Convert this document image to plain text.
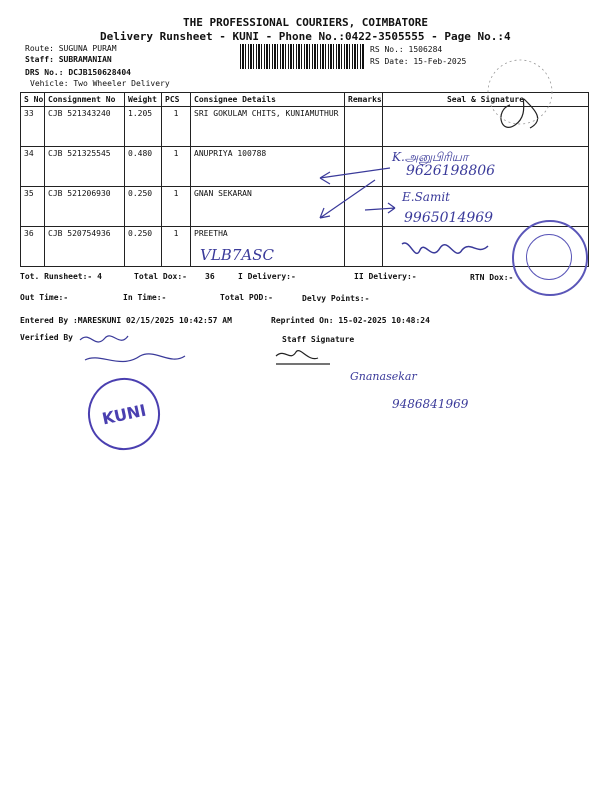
THE PROFESSIONAL COURIERS, COIMBATORE
Delivery Runsheet - KUNI - Phone No.:0422-3505555 - Page No.:4
Route: SUGUNA PURAM
Staff: SUBRAMANIAN
DRS No.: DCJB150628404
Vehicle: Two Wheeler Delivery
RS No.: 1506284
RS Date: 15-Feb-2025
S No	Consignment No	Weight	PCS	Consignee Details	Remarks	Seal & Signature
33	CJB 521343240	1.205	1	SRI GOKULAM CHITS, KUNIAMUTHUR		
34	CJB 521325545	0.480	1	ANUPRIYA 100788		
35	CJB 521206930	0.250	1	GNAN SEKARAN		
36	CJB 520754936	0.250	1	PREETHA		
Tot. Runsheet:- 4	Total Dox:- 36	I Delivery:-	II Delivery:-	RTN Dox:-
Out Time:-	In Time:-	Total POD:-	Delvy Points:-
Entered By :MARESKUNI 02/15/2025 10:42:57 AM	Reprinted On: 15-02-2025 10:48:24
Verified By	Staff Signature
K.அனுபிரியா
9626198806
E.Samit
9965014969
VLB7ASC
Gnanasekar
9486841969
KUNI
